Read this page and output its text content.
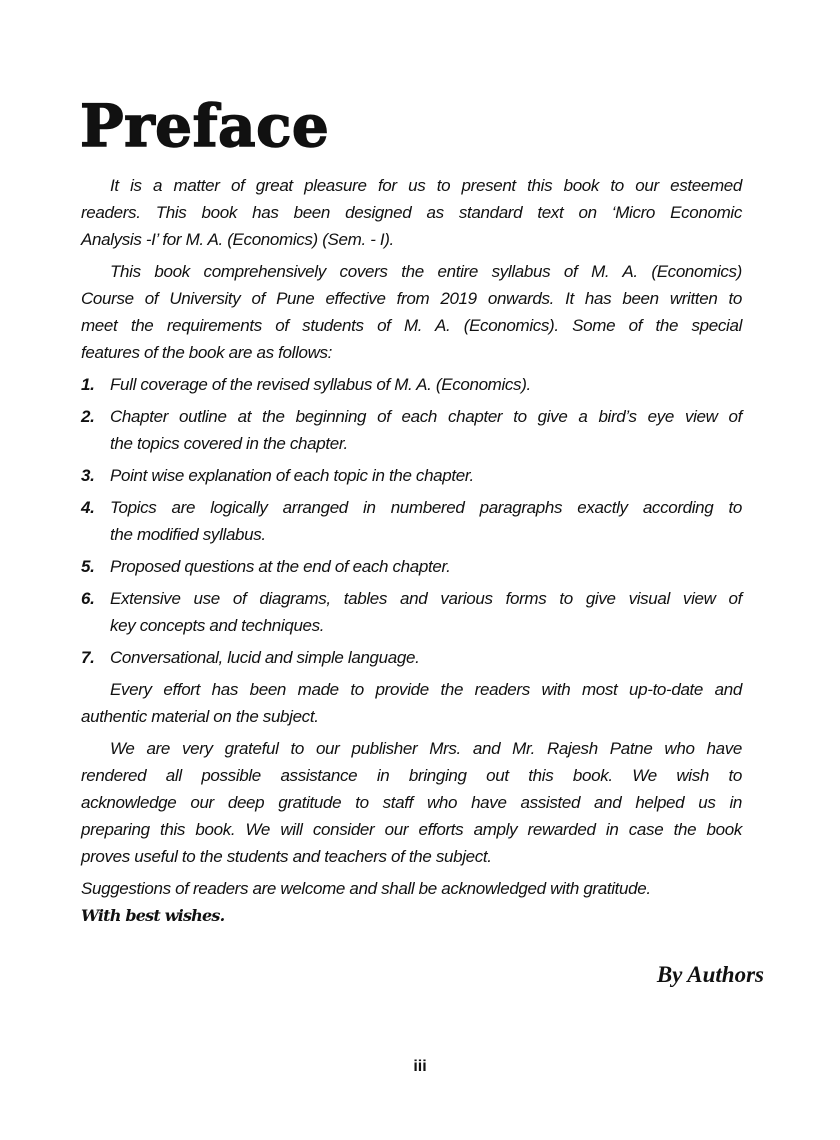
Preface
It is a matter of great pleasure for us to present this book to our esteemed
readers. This book has been designed as standard text on ‘Micro Economic
Analysis -I’ for M. A. (Economics) (Sem. - I).
This book comprehensively covers the entire syllabus of M. A. (Economics)
Course of University of Pune effective from 2019 onwards. It has been written to
meet the requirements of students of M. A. (Economics). Some of the special
features of the book are as follows:
1. Full coverage of the revised syllabus of M. A. (Economics).
2. Chapter outline at the beginning of each chapter to give a bird’s eye view of
the topics covered in the chapter.
3. Point wise explanation of each topic in the chapter.
4. Topics are logically arranged in numbered paragraphs exactly according to
the modified syllabus.
5. Proposed questions at the end of each chapter.
6. Extensive use of diagrams, tables and various forms to give visual view of
key concepts and techniques.
7. Conversational, lucid and simple language.
Every effort has been made to provide the readers with most up-to-date and
authentic material on the subject.
We are very grateful to our publisher Mrs. and Mr. Rajesh Patne who have
rendered all possible assistance in bringing out this book. We wish to
acknowledge our deep gratitude to staff who have assisted and helped us in
preparing this book. We will consider our efforts amply rewarded in case the book
proves useful to the students and teachers of the subject.
Suggestions of readers are welcome and shall be acknowledged with gratitude.
With best wishes.
By Authors
iii
